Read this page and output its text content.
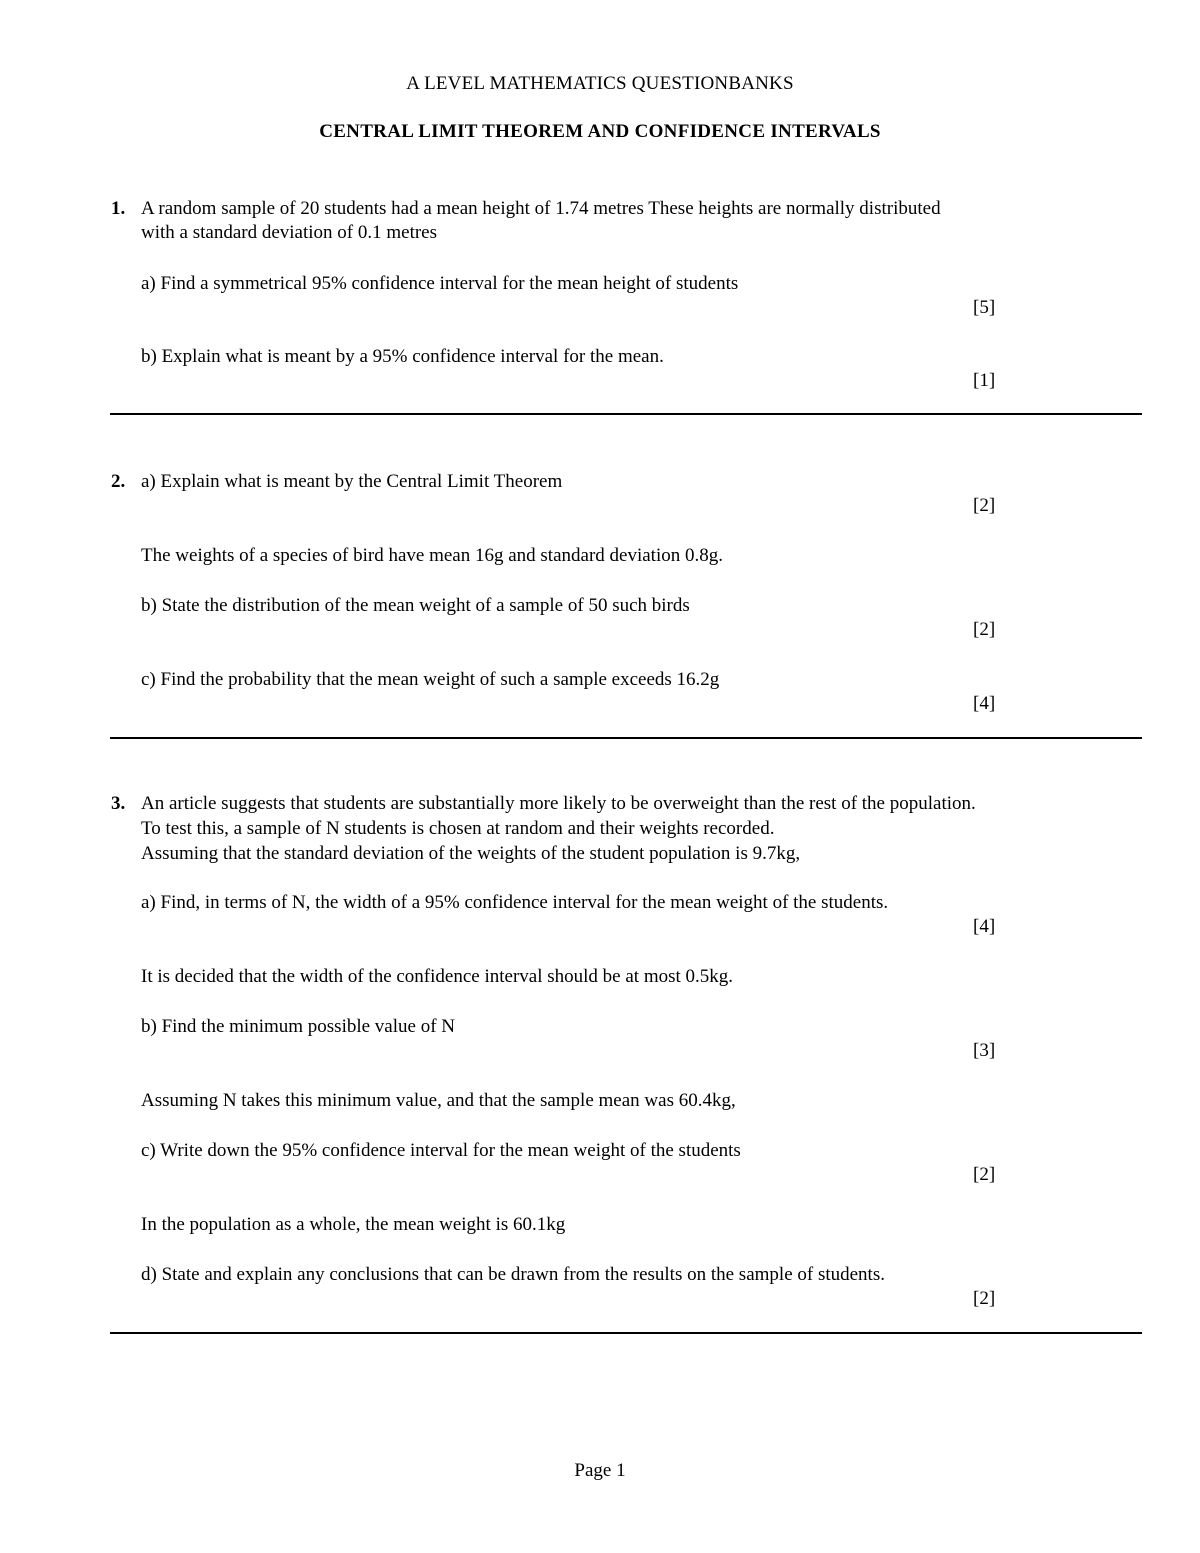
A LEVEL MATHEMATICS QUESTIONBANKS
CENTRAL LIMIT THEOREM AND CONFIDENCE INTERVALS
1. A random sample of 20 students had a mean height of 1.74 metres These heights are normally distributed
with a standard deviation of 0.1 metres
a) Find a symmetrical 95% confidence interval for the mean height of students
[5]
b) Explain what is meant by a 95% confidence interval for the mean.
[1]
2. a) Explain what is meant by the Central Limit Theorem
[2]
The weights of a species of bird have mean 16g and standard deviation 0.8g.
b) State the distribution of the mean weight of a sample of 50 such birds
[2]
c) Find the probability that the mean weight of such a sample exceeds 16.2g
[4]
3. An article suggests that students are substantially more likely to be overweight than the rest of the population.
To test this, a sample of N students is chosen at random and their weights recorded.
Assuming that the standard deviation of the weights of the student population is 9.7kg,
a) Find, in terms of N, the width of a 95% confidence interval for the mean weight of the students.
[4]
It is decided that the width of the confidence interval should be at most 0.5kg.
b) Find the minimum possible value of N
[3]
Assuming N takes this minimum value, and that the sample mean was 60.4kg,
c) Write down the 95% confidence interval for the mean weight of the students
[2]
In the population as a whole, the mean weight is 60.1kg
d) State and explain any conclusions that can be drawn from the results on the sample of students.
[2]
Page 1
